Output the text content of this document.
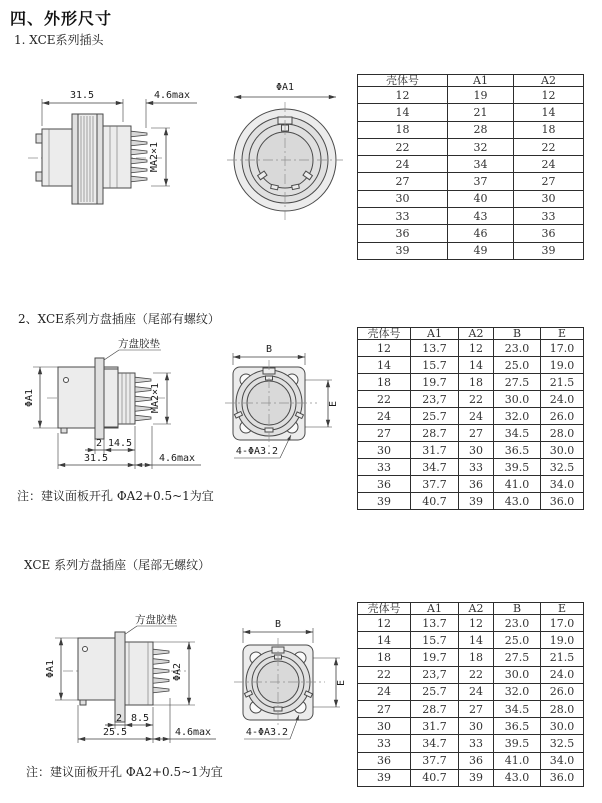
四、外形尺寸
1. XCE系列插头
31.5	4.6max
MA2×1
ΦA1
壳体号	A1	A2
12	19	12
14	21	14
18	28	18
22	32	22
24	34	24
27	37	27
30	40	30
33	43	33
36	46	36
39	49	39
2、XCE系列方盘插座（尾部有螺纹）
方盘胶垫
ΦA1	MA2×1
2 14.5
31.5	4.6max
B
E
4-ΦA3.2
注：建议面板开孔 ΦA2+0.5~1为宜
壳体号	A1	A2	B	E
12	13.7	12	23.0	17.0
14	15.7	14	25.0	19.0
18	19.7	18	27.5	21.5
22	23,7	22	30.0	24.0
24	25.7	24	32.0	26.0
27	28.7	27	34.5	28.0
30	31.7	30	36.5	30.0
33	34.7	33	39.5	32.5
36	37.7	36	41.0	34.0
39	40.7	39	43.0	36.0
XCE 系列方盘插座（尾部无螺纹）
方盘胶垫
ΦA1	ΦA2
2 8.5
25.5	4.6max
B
E
4-ΦA3.2
注：建议面板开孔 ΦA2+0.5~1为宜
壳体号	A1	A2	B	E
12	13.7	12	23.0	17.0
14	15.7	14	25.0	19.0
18	19.7	18	27.5	21.5
22	23,7	22	30.0	24.0
24	25.7	24	32.0	26.0
27	28.7	27	34.5	28.0
30	31.7	30	36.5	30.0
33	34.7	33	39.5	32.5
36	37.7	36	41.0	34.0
39	40.7	39	43.0	36.0
